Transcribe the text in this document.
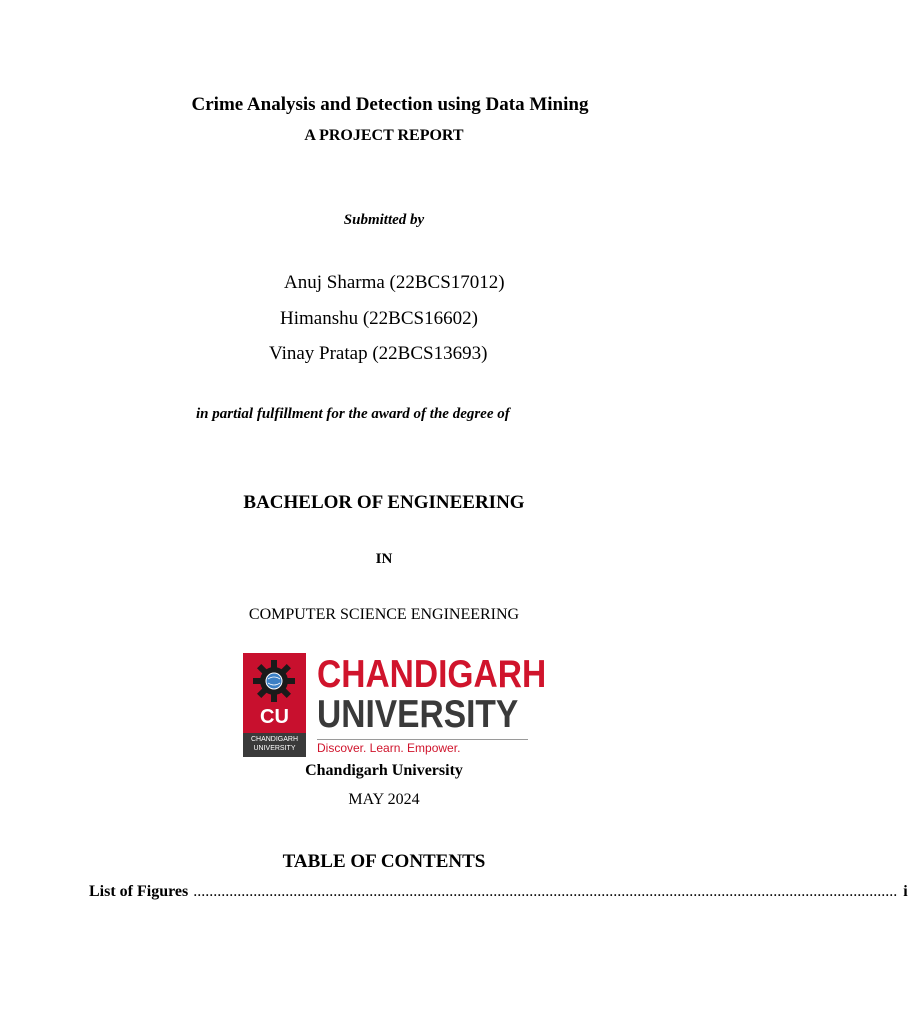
Crime Analysis and Detection using Data Mining
A PROJECT REPORT
Submitted by
Anuj Sharma (22BCS17012)
Himanshu (22BCS16602)
Vinay Pratap (22BCS13693)
in partial fulfillment for the award of the degree of
BACHELOR OF ENGINEERING
IN
COMPUTER SCIENCE ENGINEERING
CU
CHANDIGARH UNIVERSITY
CHANDIGARH
UNIVERSITY
Discover. Learn. Empower.
Chandigarh University
MAY 2024
TABLE OF CONTENTS
List of Figures ................................................................................................................................................................................ i
